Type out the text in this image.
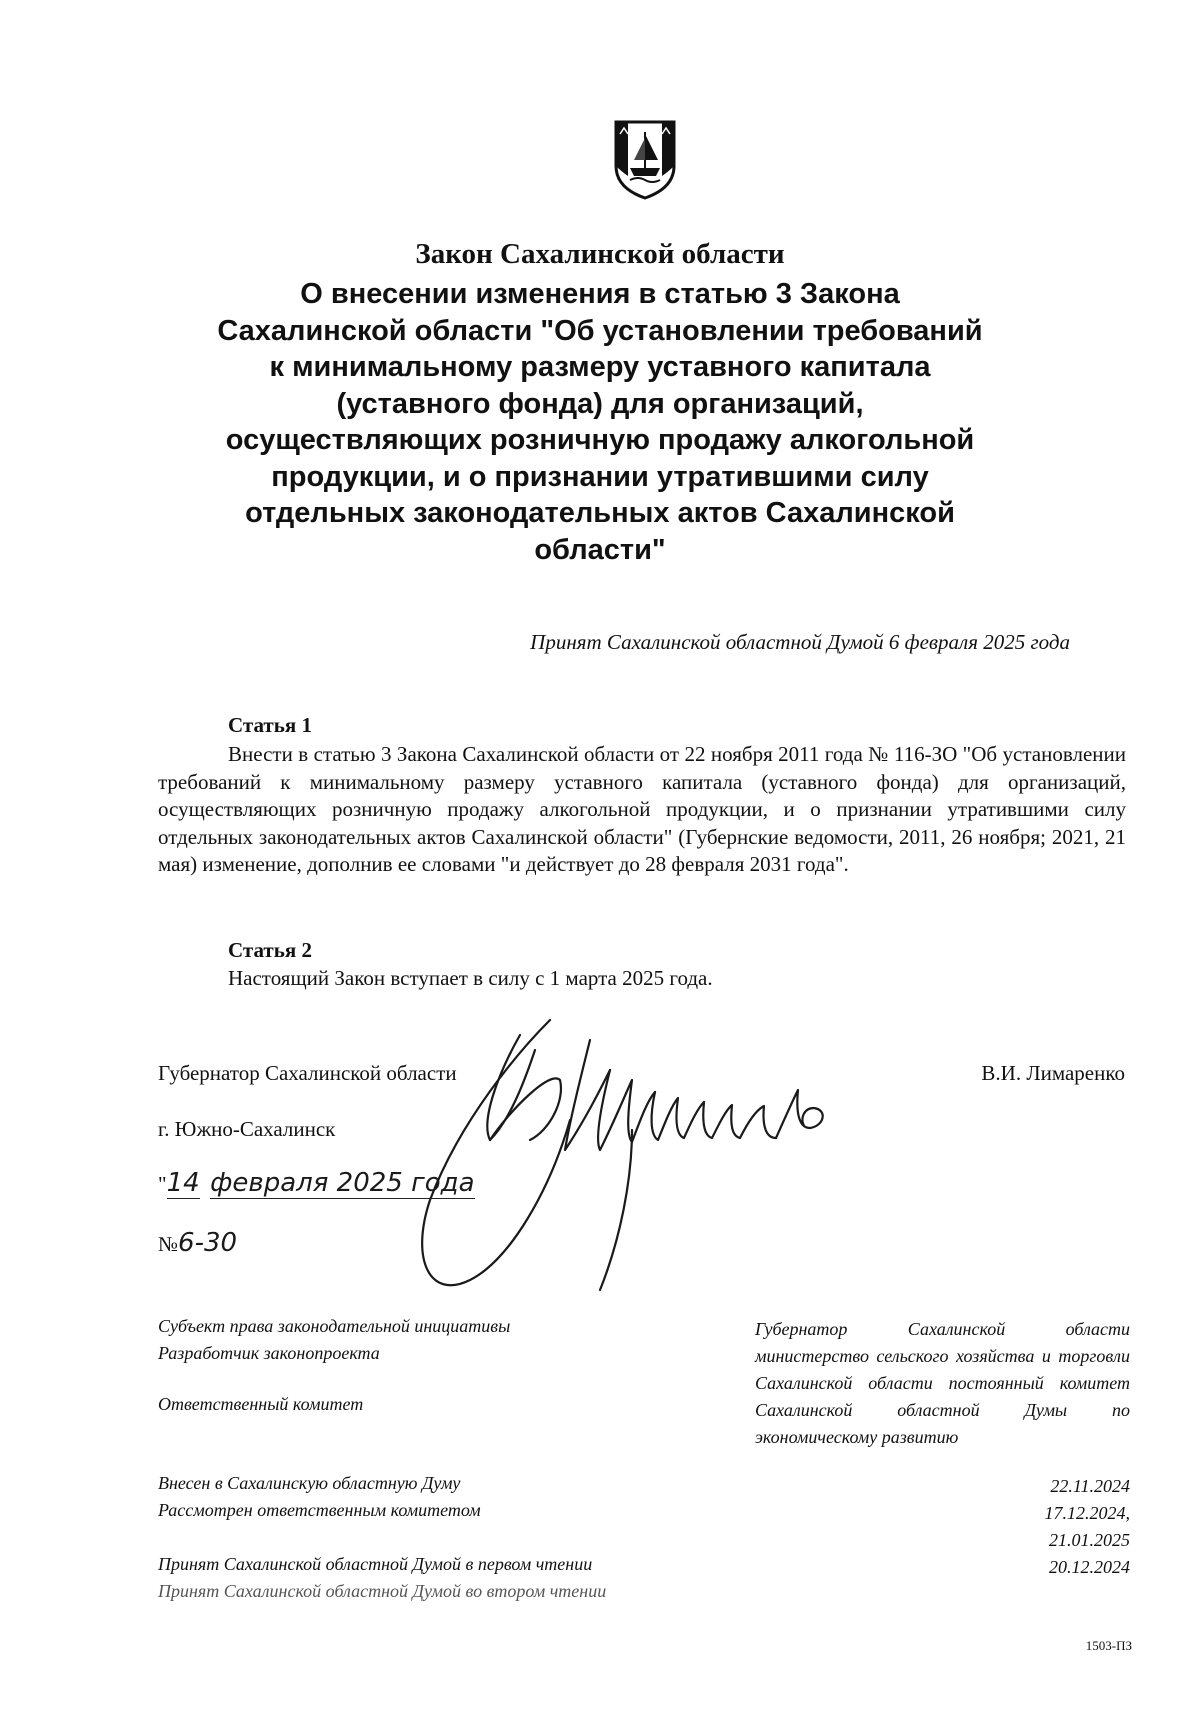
Закон Сахалинской области
О внесении изменения в статью 3 Закона
Сахалинской области "Об установлении требований
к минимальному размеру уставного капитала
(уставного фонда) для организаций,
осуществляющих розничную продажу алкогольной
продукции, и о признании утратившими силу
отдельных законодательных актов Сахалинской
области"
Принят Сахалинской областной Думой 6 февраля 2025 года
Статья 1
Внести в статью 3 Закона Сахалинской области от 22 ноября 2011 года № 116-ЗО "Об установлении требований к минимальному размеру уставного капитала (уставного фонда) для организаций, осуществляющих розничную продажу алкогольной продукции, и о признании утратившими силу отдельных законодательных актов Сахалинской области" (Губернские ведомости, 2011, 26 ноября; 2021, 21 мая) изменение, дополнив ее словами "и действует до 28 февраля 2031 года".
Статья 2
Настоящий Закон вступает в силу с 1 марта 2025 года.
Губернатор Сахалинской области	В.И. Лимаренко
г. Южно-Сахалинск
"14 февраля 2025 года
№6-30
Субъект права законодательной инициативы
Разработчик законопроекта
Ответственный комитет
Губернатор Сахалинской области министерство сельского хозяйства и торговли Сахалинской области постоянный комитет Сахалинской областной Думы по экономическому развитию
Внесен в Сахалинскую областную Думу
Рассмотрен ответственным комитетом
Принят Сахалинской областной Думой в первом чтении
Принят Сахалинской областной Думой во втором чтении
22.11.2024
17.12.2024,
21.01.2025
20.12.2024
1503-ПЗ
